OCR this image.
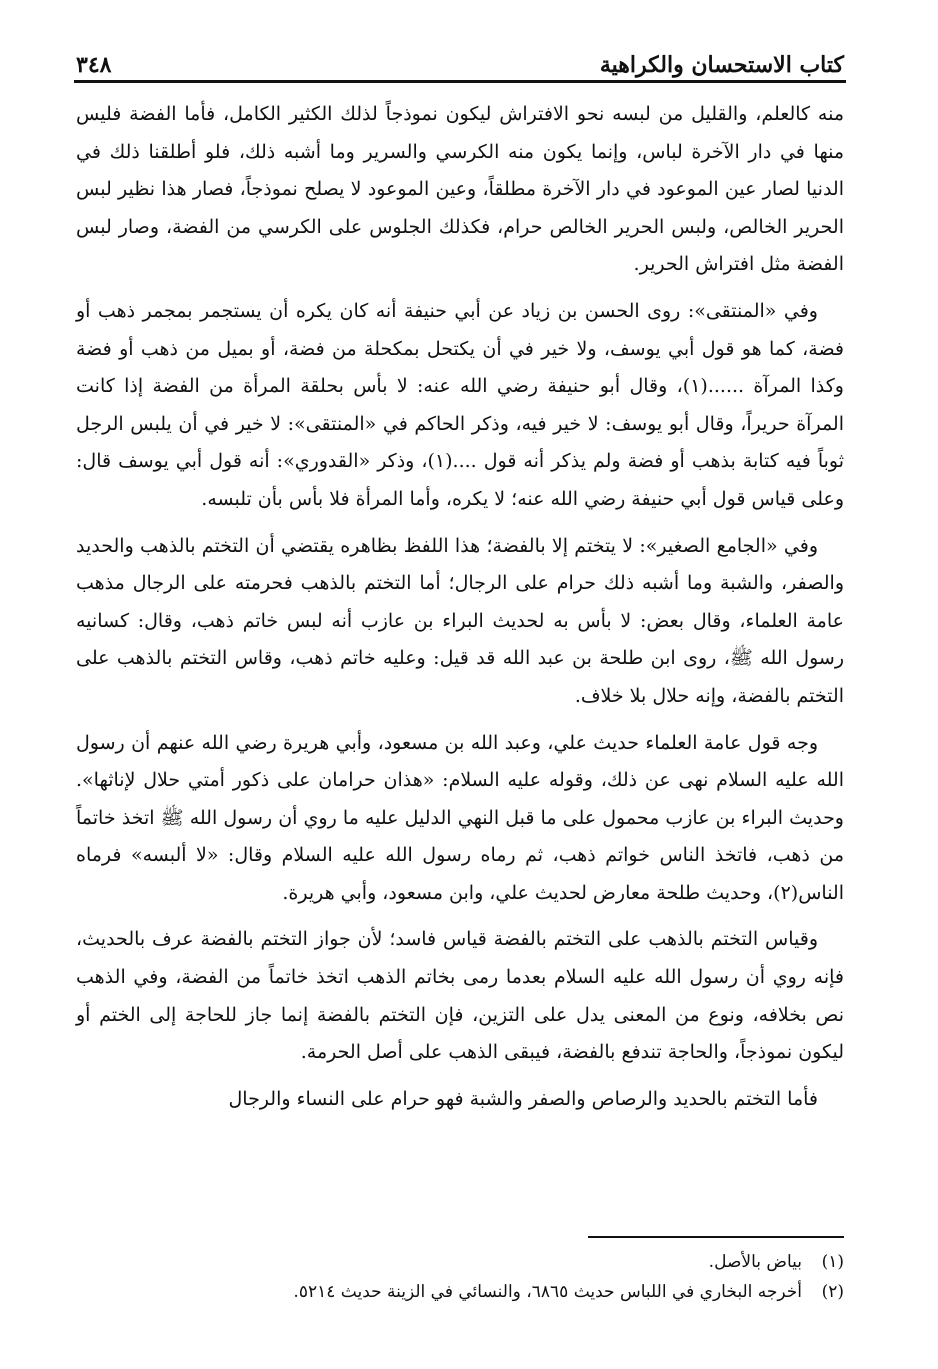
كتاب الاستحسان والكراهية
٣٤٨

منه كالعلم، والقليل من لبسه نحو الافتراش ليكون نموذجاً لذلك الكثير الكامل، فأما الفضة فليس منها في دار الآخرة لباس، وإنما يكون منه الكرسي والسرير وما أشبه ذلك، فلو أطلقنا ذلك في الدنيا لصار عين الموعود في دار الآخرة مطلقاً، وعين الموعود لا يصلح نموذجاً، فصار هذا نظير لبس الحرير الخالص، ولبس الحرير الخالص حرام، فكذلك الجلوس على الكرسي من الفضة، وصار لبس الفضة مثل افتراش الحرير.

وفي «المنتقى»: روى الحسن بن زياد عن أبي حنيفة أنه كان يكره أن يستجمر بمجمر ذهب أو فضة، كما هو قول أبي يوسف، ولا خير في أن يكتحل بمكحلة من فضة، أو بميل من ذهب أو فضة وكذا المرآة ......(١)، وقال أبو حنيفة رضي الله عنه: لا بأس بحلقة المرأة من الفضة إذا كانت المرآة حريراً، وقال أبو يوسف: لا خير فيه، وذكر الحاكم في «المنتقى»: لا خير في أن يلبس الرجل ثوباً فيه كتابة بذهب أو فضة ولم يذكر أنه قول ....(١)، وذكر «القدوري»: أنه قول أبي يوسف قال: وعلى قياس قول أبي حنيفة رضي الله عنه؛ لا يكره، وأما المرأة فلا بأس بأن تلبسه.

وفي «الجامع الصغير»: لا يتختم إلا بالفضة؛ هذا اللفظ بظاهره يقتضي أن التختم بالذهب والحديد والصفر، والشبة وما أشبه ذلك حرام على الرجال؛ أما التختم بالذهب فحرمته على الرجال مذهب عامة العلماء، وقال بعض: لا بأس به لحديث البراء بن عازب أنه لبس خاتم ذهب، وقال: كسانيه رسول الله ﷺ، روى ابن طلحة بن عبد الله قد قيل: وعليه خاتم ذهب، وقاس التختم بالذهب على التختم بالفضة، وإنه حلال بلا خلاف.

وجه قول عامة العلماء حديث علي، وعبد الله بن مسعود، وأبي هريرة رضي الله عنهم أن رسول الله عليه السلام نهى عن ذلك، وقوله عليه السلام: «هذان حرامان على ذكور أمتي حلال لإناثها». وحديث البراء بن عازب محمول على ما قبل النهي الدليل عليه ما روي أن رسول الله ﷺ اتخذ خاتماً من ذهب، فاتخذ الناس خواتم ذهب، ثم رماه رسول الله عليه السلام وقال: «لا ألبسه» فرماه الناس(٢)، وحديث طلحة معارض لحديث علي، وابن مسعود، وأبي هريرة.

وقياس التختم بالذهب على التختم بالفضة قياس فاسد؛ لأن جواز التختم بالفضة عرف بالحديث، فإنه روي أن رسول الله عليه السلام بعدما رمى بخاتم الذهب اتخذ خاتماً من الفضة، وفي الذهب نص بخلافه، ونوع من المعنى يدل على التزين، فإن التختم بالفضة إنما جاز للحاجة إلى الختم أو ليكون نموذجاً، والحاجة تندفع بالفضة، فيبقى الذهب على أصل الحرمة.

فأما التختم بالحديد والرصاص والصفر والشبة فهو حرام على النساء والرجال

(١)
بياض بالأصل.
(٢)
أخرجه البخاري في اللباس حديث ٦٨٦٥، والنسائي في الزينة حديث ٥٢١٤.
